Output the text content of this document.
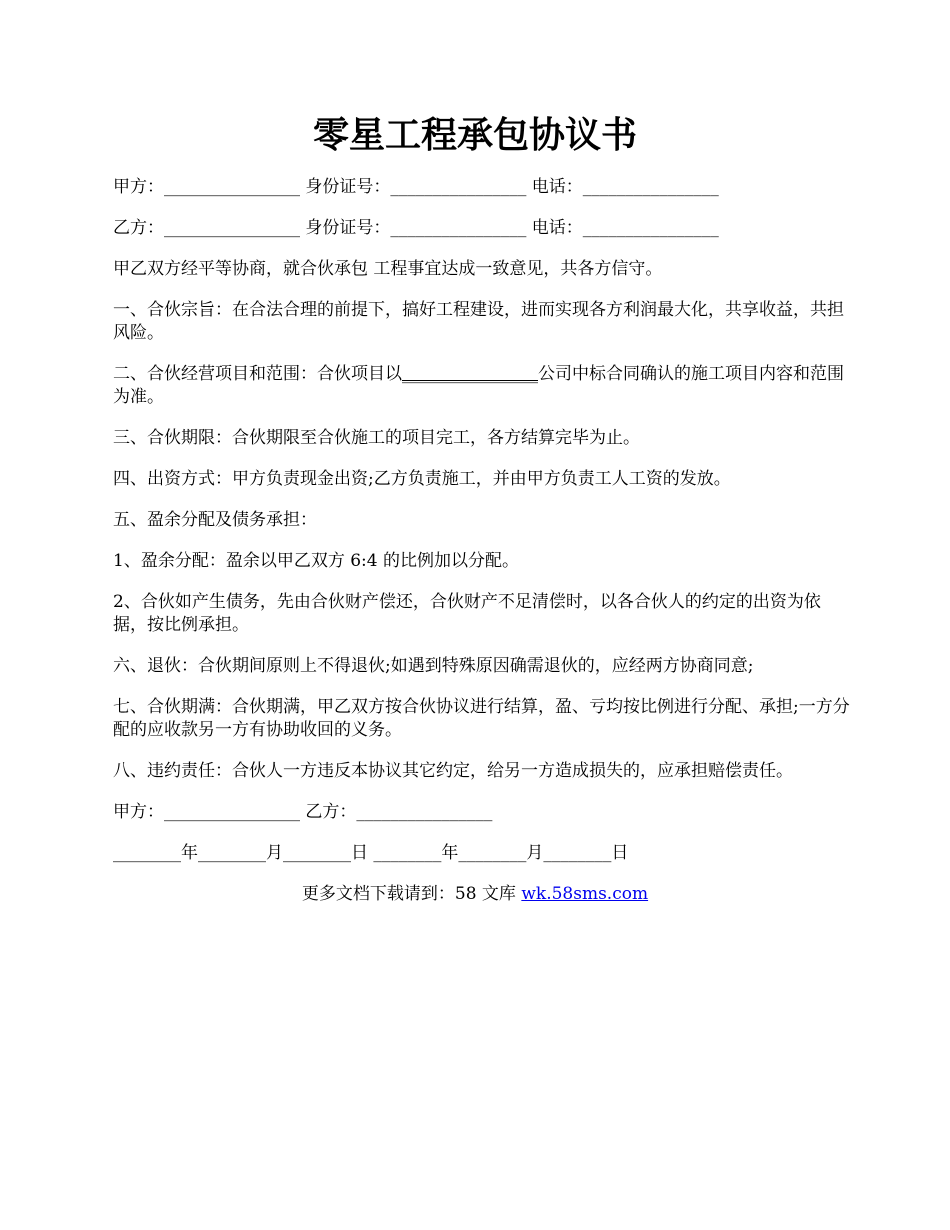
零星工程承包协议书

甲方：________________ 身份证号：________________ 电话：________________

乙方：________________ 身份证号：________________ 电话：________________

甲乙双方经平等协商，就合伙承包 工程事宜达成一致意见，共各方信守。

一、合伙宗旨：在合法合理的前提下，搞好工程建设，进而实现各方利润最大化，共享收益，共担风险。

二、合伙经营项目和范围：合伙项目以________________公司中标合同确认的施工项目内容和范围为准。

三、合伙期限：合伙期限至合伙施工的项目完工，各方结算完毕为止。

四、出资方式：甲方负责现金出资;乙方负责施工，并由甲方负责工人工资的发放。

五、盈余分配及债务承担：

1、盈余分配：盈余以甲乙双方 6:4 的比例加以分配。

2、合伙如产生债务，先由合伙财产偿还，合伙财产不足清偿时，以各合伙人的约定的出资为依据，按比例承担。

六、退伙：合伙期间原则上不得退伙;如遇到特殊原因确需退伙的，应经两方协商同意;

七、合伙期满：合伙期满，甲乙双方按合伙协议进行结算，盈、亏均按比例进行分配、承担;一方分配的应收款另一方有协助收回的义务。

八、违约责任：合伙人一方违反本协议其它约定，给另一方造成损失的，应承担赔偿责任。

甲方：________________ 乙方：________________

________年________月________日 ________年________月________日

更多文档下载请到：58 文库 wk.58sms.com
